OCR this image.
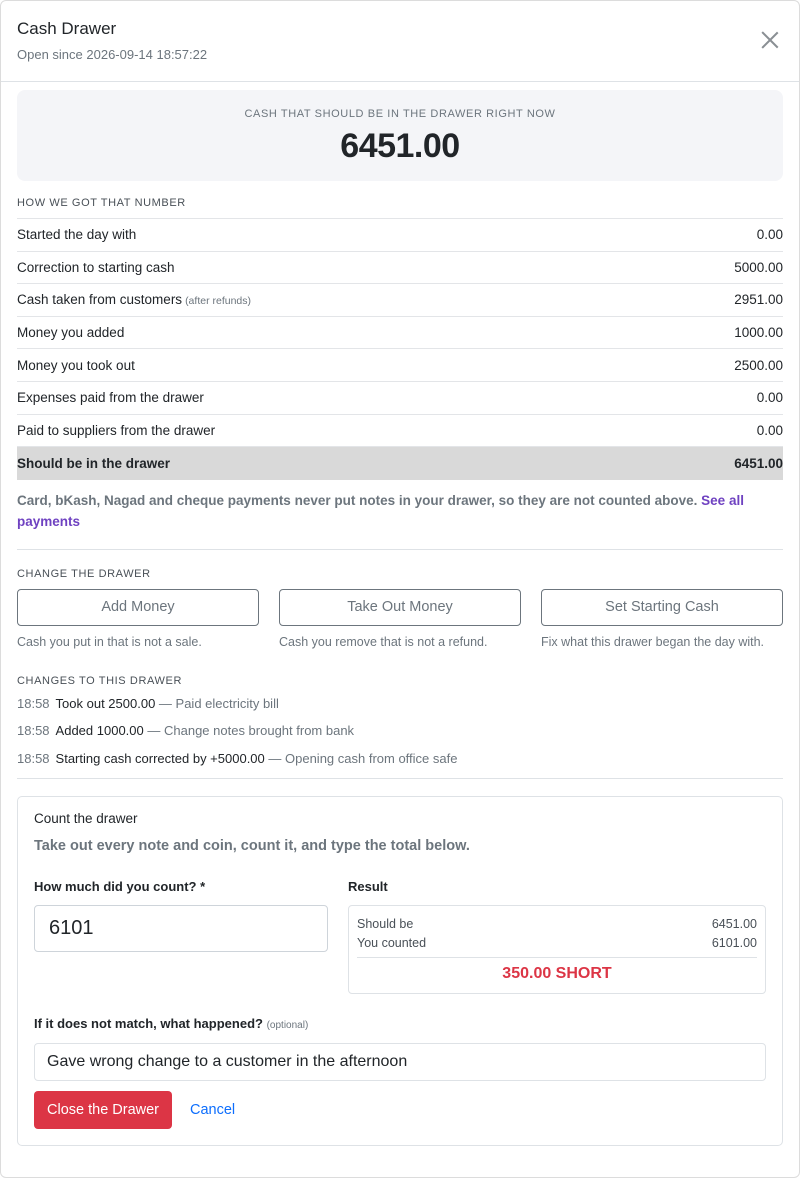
Cash Drawer
Open since 2026-09-14 18:57:22
CASH THAT SHOULD BE IN THE DRAWER RIGHT NOW
6451.00
HOW WE GOT THAT NUMBER
Started the day with	0.00
Correction to starting cash	5000.00
Cash taken from customers (after refunds)	2951.00
Money you added	1000.00
Money you took out	2500.00
Expenses paid from the drawer	0.00
Paid to suppliers from the drawer	0.00
Should be in the drawer	6451.00
Card, bKash, Nagad and cheque payments never put notes in your drawer, so they are not counted above. See all payments
CHANGE THE DRAWER
Add Money
Cash you put in that is not a sale.
Take Out Money
Cash you remove that is not a refund.
Set Starting Cash
Fix what this drawer began the day with.
CHANGES TO THIS DRAWER
18:58 Took out 2500.00 — Paid electricity bill
18:58 Added 1000.00 — Change notes brought from bank
18:58 Starting cash corrected by +5000.00 — Opening cash from office safe
Count the drawer
Take out every note and coin, count it, and type the total below.
How much did you count? *
6101	Result
Should be	6451.00
You counted	6101.00
350.00 SHORT
If it does not match, what happened? (optional)
Gave wrong change to a customer in the afternoon
Close the Drawer	Cancel
